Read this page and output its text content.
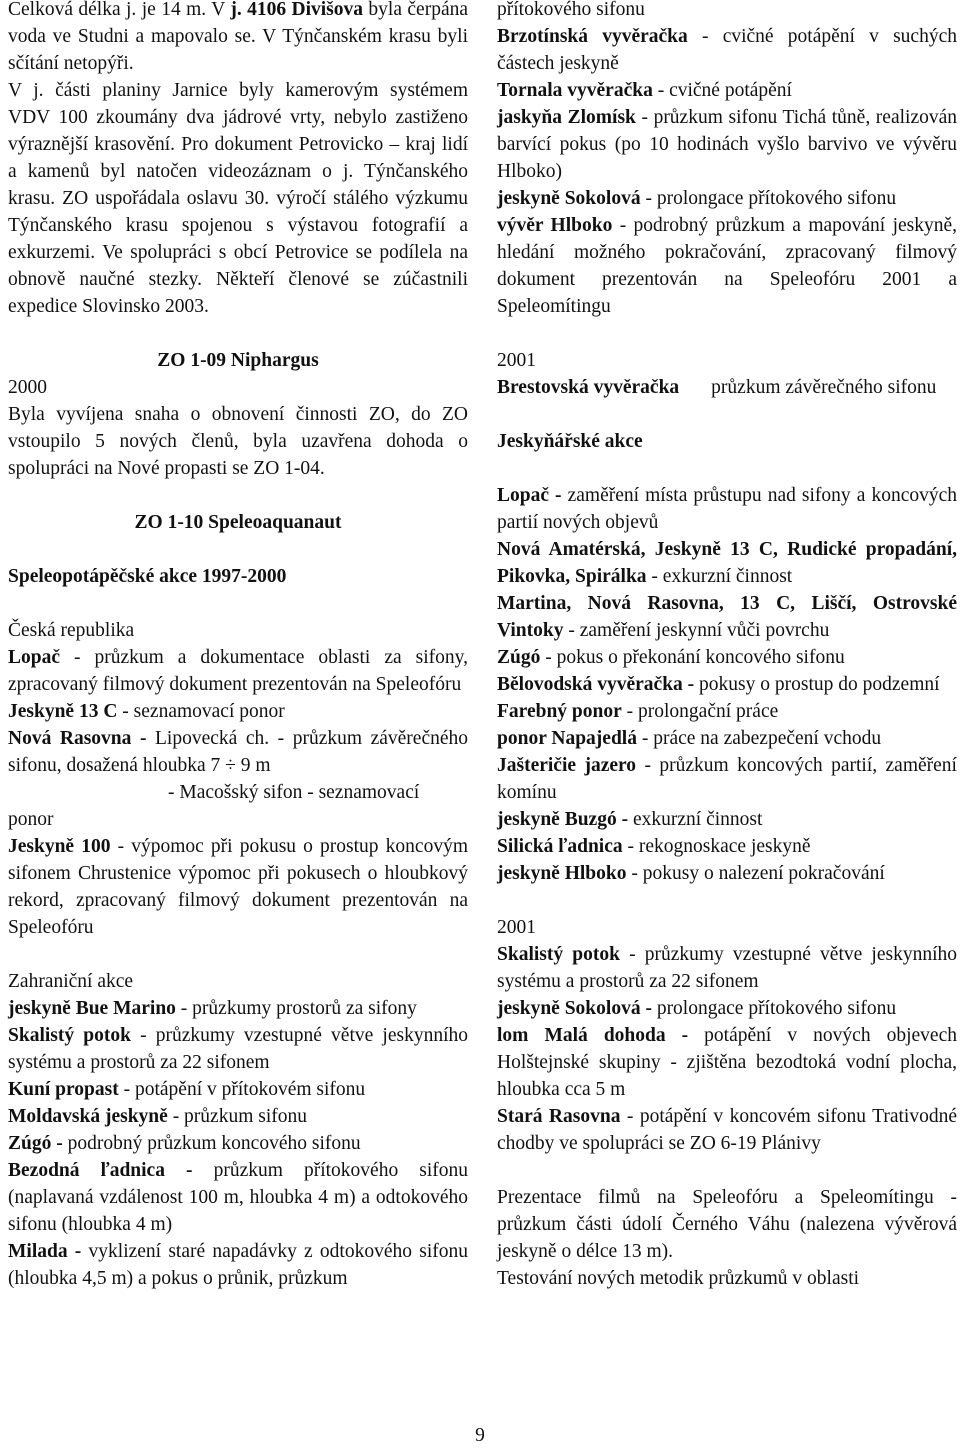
Celková délka j. je 14 m. V j. 4106 Divišova byla čerpána voda ve Studni a mapovalo se. V Týnčanském krasu byli sčítání netopýři.

V j. části planiny Jarnice byly kamerovým systémem VDV 100 zkoumány dva jádrové vrty, nebylo zastiženo výraznější krasovění. Pro dokument Petrovicko – kraj lidí a kamenů byl natočen videozáznam o j. Týnčanského krasu. ZO uspořádala oslavu 30. výročí stálého výzkumu Týnčanského krasu spojenou s výstavou fotografií a exkurzemi. Ve spolupráci s obcí Petrovice se podílela na obnově naučné stezky. Někteří členové se zúčastnili expedice Slovinsko 2003.

ZO 1-09 Niphargus

2000

Byla vyvíjena snaha o obnovení činnosti ZO, do ZO vstoupilo 5 nových členů, byla uzavřena dohoda o spolupráci na Nové propasti se ZO 1-04.

ZO 1-10 Speleoaquanaut

Speleopotápěčské akce 1997-2000

Česká republika

Lopač - průzkum a dokumentace oblasti za sifony, zpracovaný filmový dokument prezentován na Speleofóru

Jeskyně 13 C - seznamovací ponor

Nová Rasovna - Lipovecká ch. - průzkum závěrečného sifonu, dosažená hloubka 7 ÷ 9 m

- Macošský sifon - seznamovací

ponor

Jeskyně 100 - výpomoc při pokusu o prostup koncovým sifonem Chrustenice výpomoc při pokusech o hloubkový rekord, zpracovaný filmový dokument prezentován na Speleofóru

Zahraniční akce

jeskyně Bue Marino - průzkumy prostorů za sifony

Skalistý potok - průzkumy vzestupné větve jeskynního systému a prostorů za 22 sifonem

Kuní propast - potápění v přítokovém sifonu

Moldavská jeskyně - průzkum sifonu

Zúgó - podrobný průzkum koncového sifonu

Bezodná ľadnica - průzkum přítokového sifonu (naplavaná vzdálenost 100 m, hloubka 4 m) a odtokového sifonu (hloubka 4 m)

Milada - vyklizení staré napadávky z odtokového sifonu (hloubka 4,5 m) a pokus o průnik, průzkum

přítokového sifonu

Brzotínská vyvěračka - cvičné potápění v suchých částech jeskyně

Tornala vyvěračka - cvičné potápění

jaskyňa Zlomísk - průzkum sifonu Tichá tůně, realizován barvící pokus (po 10 hodinách vyšlo barvivo ve vývěru Hlboko)

jeskyně Sokolová - prolongace přítokového sifonu

vývěr Hlboko - podrobný průzkum a mapování jeskyně, hledání možného pokračování, zpracovaný filmový dokument prezentován na Speleofóru 2001 a Speleomítingu

2001

Brestovská vyvěračka průzkum závěrečného sifonu

Jeskyňářské akce

Lopač - zaměření místa průstupu nad sifony a koncových partií nových objevů

Nová Amatérská, Jeskyně 13 C, Rudické propadání, Pikovka, Spirálka - exkurzní činnost

Martina, Nová Rasovna, 13 C, Liščí, Ostrovské Vintoky - zaměření jeskynní vůči povrchu

Zúgó - pokus o překonání koncového sifonu

Bělovodská vyvěračka - pokusy o prostup do podzemní

Farebný ponor - prolongační práce

ponor Napajedlá - práce na zabezpečení vchodu

Jašteričie jazero - průzkum koncových partií, zaměření komínu

jeskyně Buzgó - exkurzní činnost

Silická ľadnica - rekognoskace jeskyně

jeskyně Hlboko - pokusy o nalezení pokračování

2001

Skalistý potok - průzkumy vzestupné větve jeskynního systému a prostorů za 22 sifonem

jeskyně Sokolová - prolongace přítokového sifonu

lom Malá dohoda - potápění v nových objevech Holštejnské skupiny - zjištěna bezodtoká vodní plocha, hloubka cca 5 m

Stará Rasovna - potápění v koncovém sifonu Trativodné chodby ve spolupráci se ZO 6-19 Plánivy

Prezentace filmů na Speleofóru a Speleomítingu - průzkum části údolí Černého Váhu (nalezena vývěrová jeskyně o délce 13 m).

Testování nových metodik průzkumů v oblasti

9
